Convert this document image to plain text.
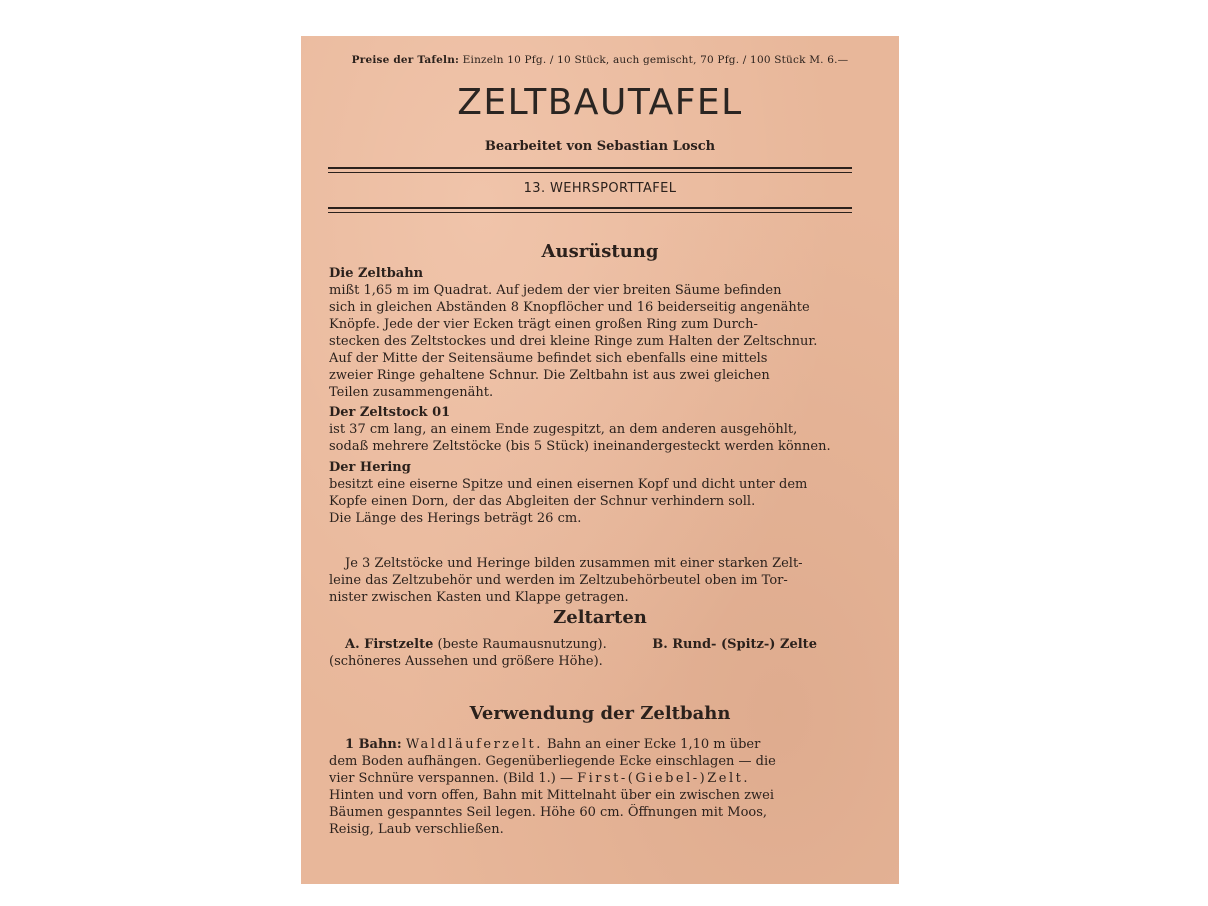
Preise der Tafeln: Einzeln 10 Pfg. / 10 Stück, auch gemischt, 70 Pfg. / 100 Stück M. 6.—
ZELTBAUTAFEL
Bearbeitet von Sebastian Losch
13. WEHRSPORTTAFEL
Ausrüstung
Die Zeltbahn
mißt 1,65 m im Quadrat. Auf jedem der vier breiten Säume befinden
sich in gleichen Abständen 8 Knopflöcher und 16 beiderseitig angenähte
Knöpfe. Jede der vier Ecken trägt einen großen Ring zum Durch-
stecken des Zeltstockes und drei kleine Ringe zum Halten der Zeltschnur.
Auf der Mitte der Seitensäume befindet sich ebenfalls eine mittels
zweier Ringe gehaltene Schnur. Die Zeltbahn ist aus zwei gleichen
Teilen zusammengenäht.
Der Zeltstock 01
ist 37 cm lang, an einem Ende zugespitzt, an dem anderen ausgehöhlt,
sodaß mehrere Zeltstöcke (bis 5 Stück) ineinandergesteckt werden können.
Der Hering
besitzt eine eiserne Spitze und einen eisernen Kopf und dicht unter dem
Kopfe einen Dorn, der das Abgleiten der Schnur verhindern soll.
Die Länge des Herings beträgt 26 cm.
Je 3 Zeltstöcke und Heringe bilden zusammen mit einer starken Zelt-
leine das Zeltzubehör und werden im Zeltzubehörbeutel oben im Tor-
nister zwischen Kasten und Klappe getragen.
Zeltarten
A. Firstzelte (beste Raumausnutzung).	B. Rund- (Spitz-) Zelte
(schöneres Aussehen und größere Höhe).
Verwendung der Zeltbahn
1 Bahn: Waldläuferzelt. Bahn an einer Ecke 1,10 m über
dem Boden aufhängen. Gegenüberliegende Ecke einschlagen — die
vier Schnüre verspannen. (Bild 1.) — First-(Giebel-)Zelt.
Hinten und vorn offen, Bahn mit Mittelnaht über ein zwischen zwei
Bäumen gespanntes Seil legen. Höhe 60 cm. Öffnungen mit Moos,
Reisig, Laub verschließen.
